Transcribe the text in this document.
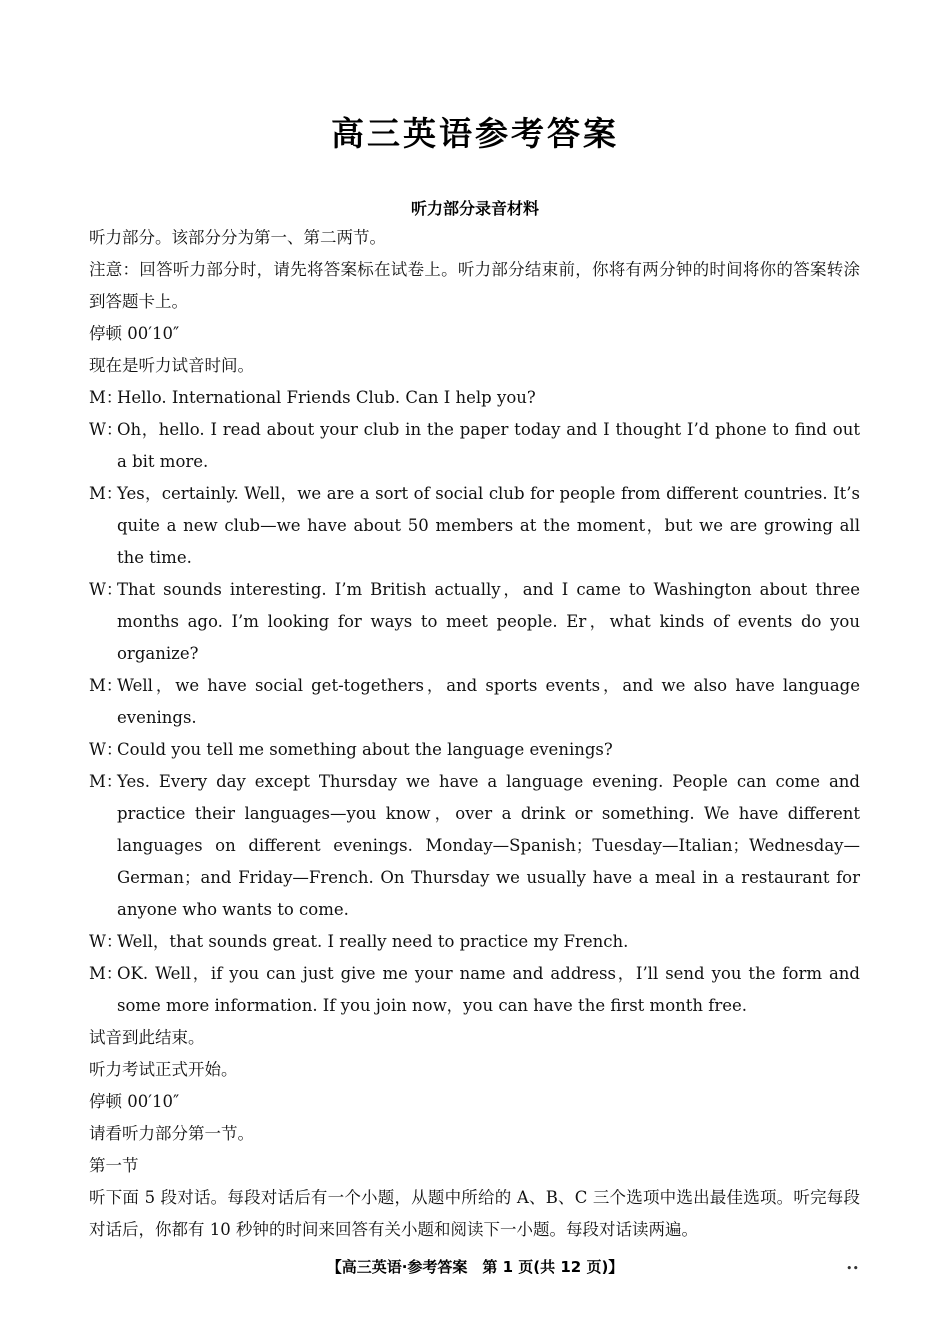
高三英语参考答案
听力部分录音材料

听力部分。该部分分为第一、第二两节。

注意：回答听力部分时，请先将答案标在试卷上。听力部分结束前，你将有两分钟的时间将你的答案转涂到答题卡上。

停顿 00′10″

现在是听力试音时间。

M：Hello. International Friends Club. Can I help you?

W：Oh，hello. I read about your club in the paper today and I thought I’d phone to find out a bit more.

M：Yes，certainly. Well，we are a sort of social club for people from different countries. It’s quite a new club—we have about 50 members at the moment，but we are growing all the time.

W：That sounds interesting. I’m British actually，and I came to Washington about three months ago. I’m looking for ways to meet people. Er，what kinds of events do you organize?

M：Well，we have social get-togethers，and sports events，and we also have language evenings.

W：Could you tell me something about the language evenings?

M：Yes. Every day except Thursday we have a language evening. People can come and practice their languages—you know，over a drink or something. We have different languages on different evenings. Monday—Spanish；Tuesday—Italian；Wednesday—German；and Friday—French. On Thursday we usually have a meal in a restaurant for anyone who wants to come.

W：Well，that sounds great. I really need to practice my French.

M：OK. Well，if you can just give me your name and address，I’ll send you the form and some more information. If you join now，you can have the first month free.

试音到此结束。

听力考试正式开始。

停顿 00′10″

请看听力部分第一节。

第一节

听下面 5 段对话。每段对话后有一个小题，从题中所给的 A、B、C 三个选项中选出最佳选项。听完每段对话后，你都有 10 秒钟的时间来回答有关小题和阅读下一小题。每段对话读两遍。

【高三英语·参考答案　第 1 页(共 12 页)】	••
